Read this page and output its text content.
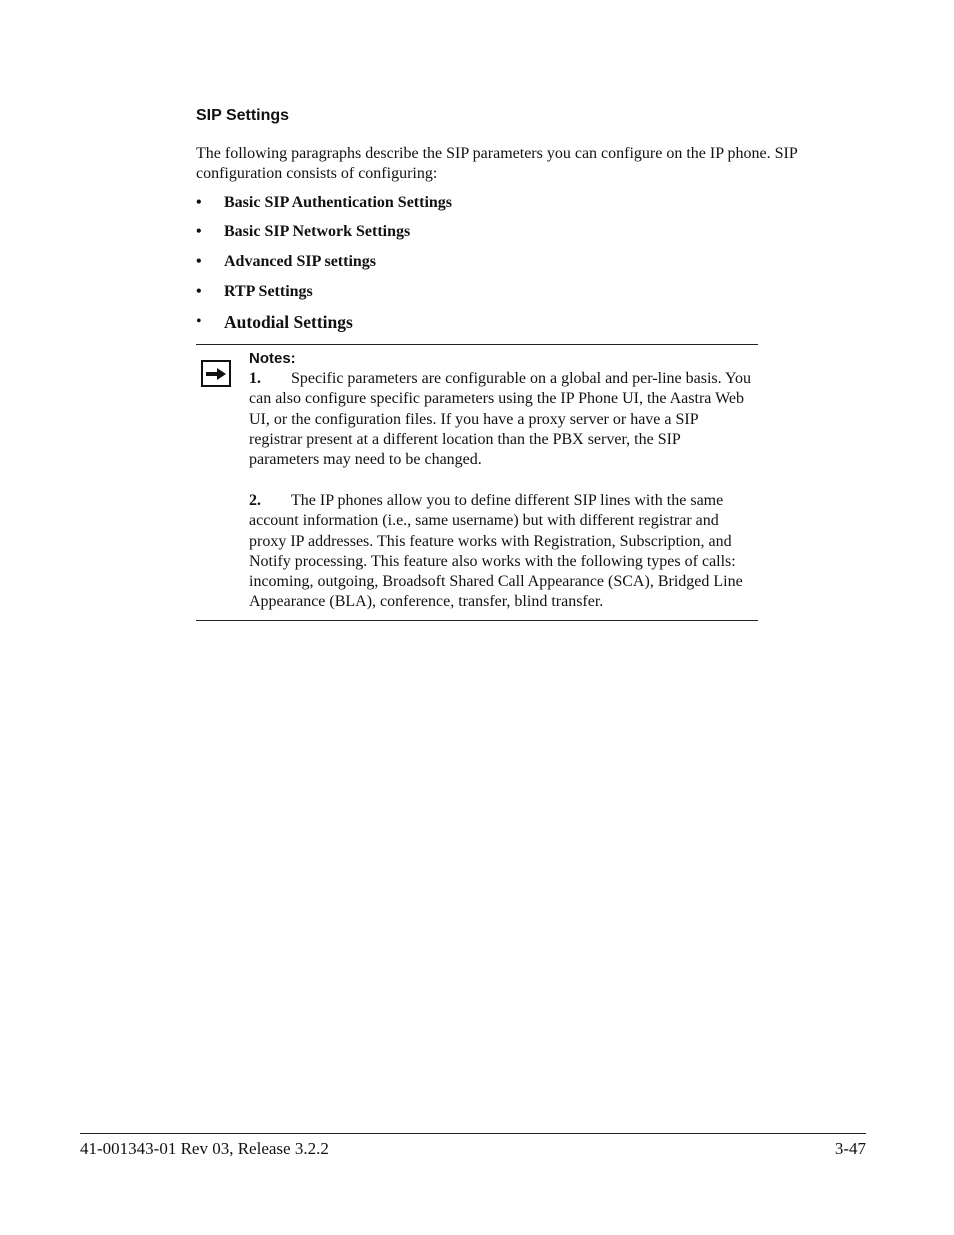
SIP Settings
The following paragraphs describe the SIP parameters you can configure on the IP phone. SIP configuration consists of configuring:
• Basic SIP Authentication Settings
• Basic SIP Network Settings
• Advanced SIP settings
• RTP Settings
• Autodial Settings
Notes:
1. Specific parameters are configurable on a global and per-line basis. You can also configure specific parameters using the IP Phone UI, the Aastra Web UI, or the configuration files. If you have a proxy server or have a SIP registrar present at a different location than the PBX server, the SIP parameters may need to be changed.
2. The IP phones allow you to define different SIP lines with the same account information (i.e., same username) but with different registrar and proxy IP addresses. This feature works with Registration, Subscription, and Notify processing. This feature also works with the following types of calls: incoming, outgoing, Broadsoft Shared Call Appearance (SCA), Bridged Line Appearance (BLA), conference, transfer, blind transfer.
41-001343-01 Rev 03, Release 3.2.2	3-47
